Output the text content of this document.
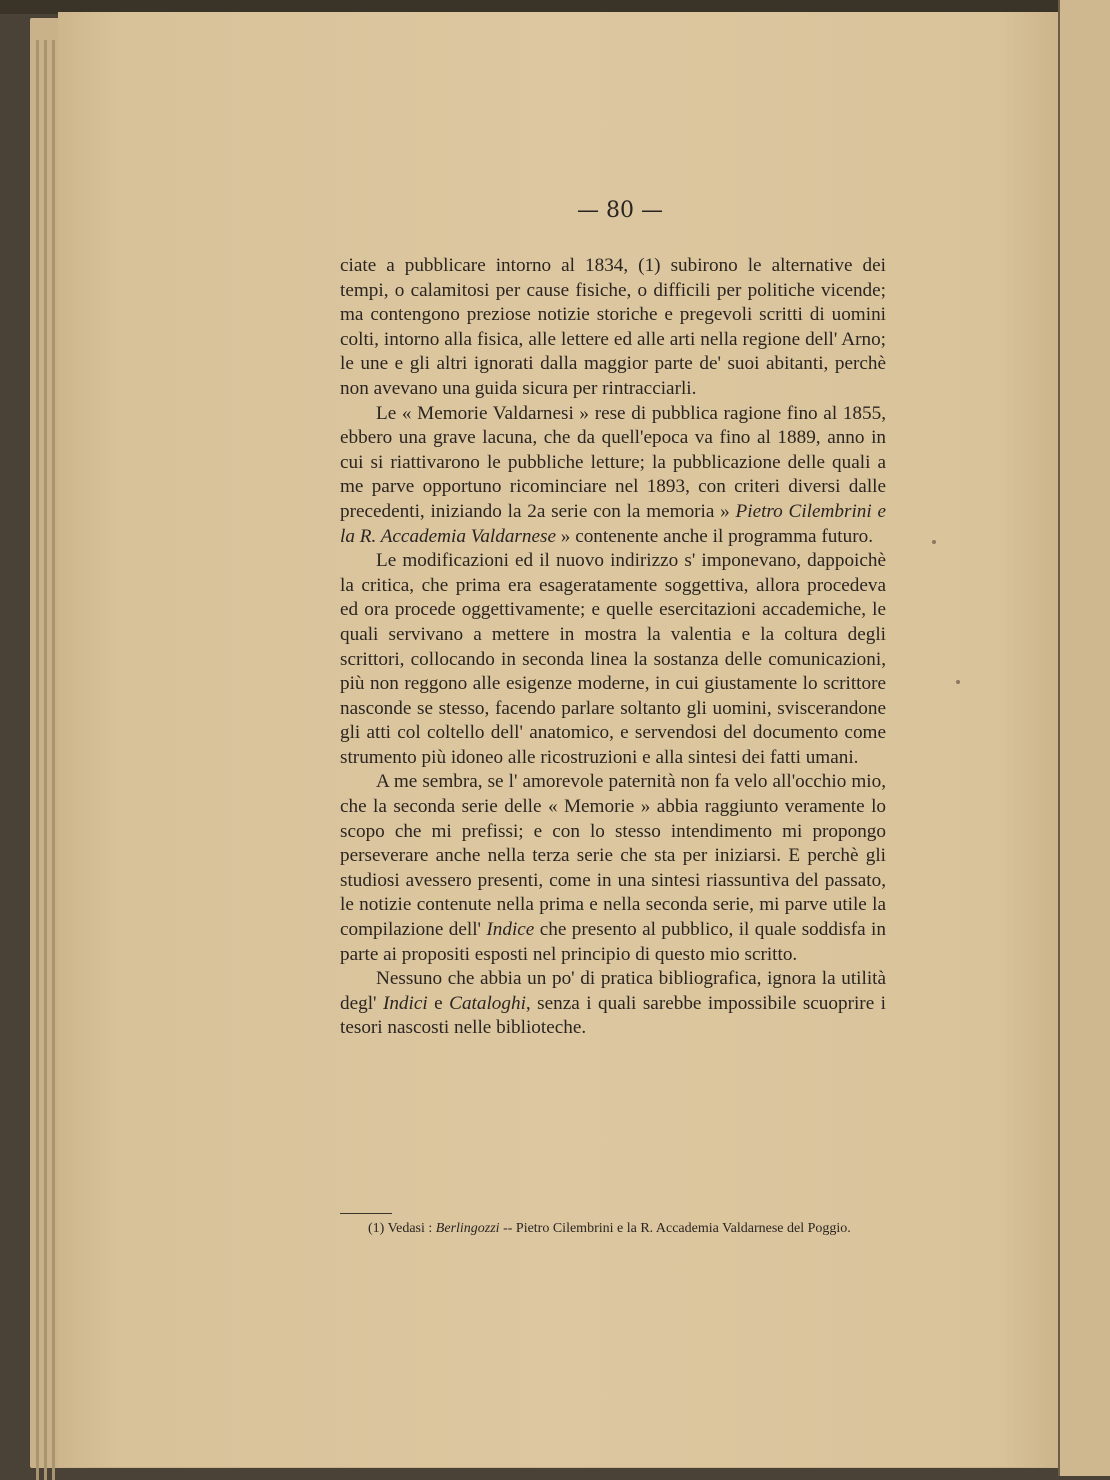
— 80 —

ciate a pubblicare intorno al 1834, (1) subirono le alternative dei tempi, o calamitosi per cause fisiche, o difficili per politiche vicende; ma contengono preziose notizie storiche e pregevoli scritti di uomini colti, intorno alla fisica, alle lettere ed alle arti nella regione dell' Arno; le une e gli altri ignorati dalla maggior parte de' suoi abitanti, perchè non avevano una guida sicura per rintracciarli.

Le « Memorie Valdarnesi » rese di pubblica ragione fino al 1855, ebbero una grave lacuna, che da quell'epoca va fino al 1889, anno in cui si riattivarono le pubbliche letture; la pubblicazione delle quali a me parve opportuno ricominciare nel 1893, con criteri diversi dalle precedenti, iniziando la 2a serie con la memoria » Pietro Cilembrini e la R. Accademia Valdarnese » contenente anche il programma futuro.

Le modificazioni ed il nuovo indirizzo s' imponevano, dappoichè la critica, che prima era esageratamente soggettiva, allora procedeva ed ora procede oggettivamente; e quelle esercitazioni accademiche, le quali servivano a mettere in mostra la valentia e la coltura degli scrittori, collocando in seconda linea la sostanza delle comunicazioni, più non reggono alle esigenze moderne, in cui giustamente lo scrittore nasconde se stesso, facendo parlare soltanto gli uomini, sviscerandone gli atti col coltello dell' anatomico, e servendosi del documento come strumento più idoneo alle ricostruzioni e alla sintesi dei fatti umani.

A me sembra, se l' amorevole paternità non fa velo all'occhio mio, che la seconda serie delle « Memorie » abbia raggiunto veramente lo scopo che mi prefissi; e con lo stesso intendimento mi propongo perseverare anche nella terza serie che sta per iniziarsi. E perchè gli studiosi avessero presenti, come in una sintesi riassuntiva del passato, le notizie contenute nella prima e nella seconda serie, mi parve utile la compilazione dell' Indice che presento al pubblico, il quale soddisfa in parte ai propositi esposti nel principio di questo mio scritto.

Nessuno che abbia un po' di pratica bibliografica, ignora la utilità degl' Indici e Cataloghi, senza i quali sarebbe impossibile scuoprire i tesori nascosti nelle biblioteche.

(1) Vedasi : Berlingozzi -- Pietro Cilembrini e la R. Accademia Valdarnese del Poggio.
